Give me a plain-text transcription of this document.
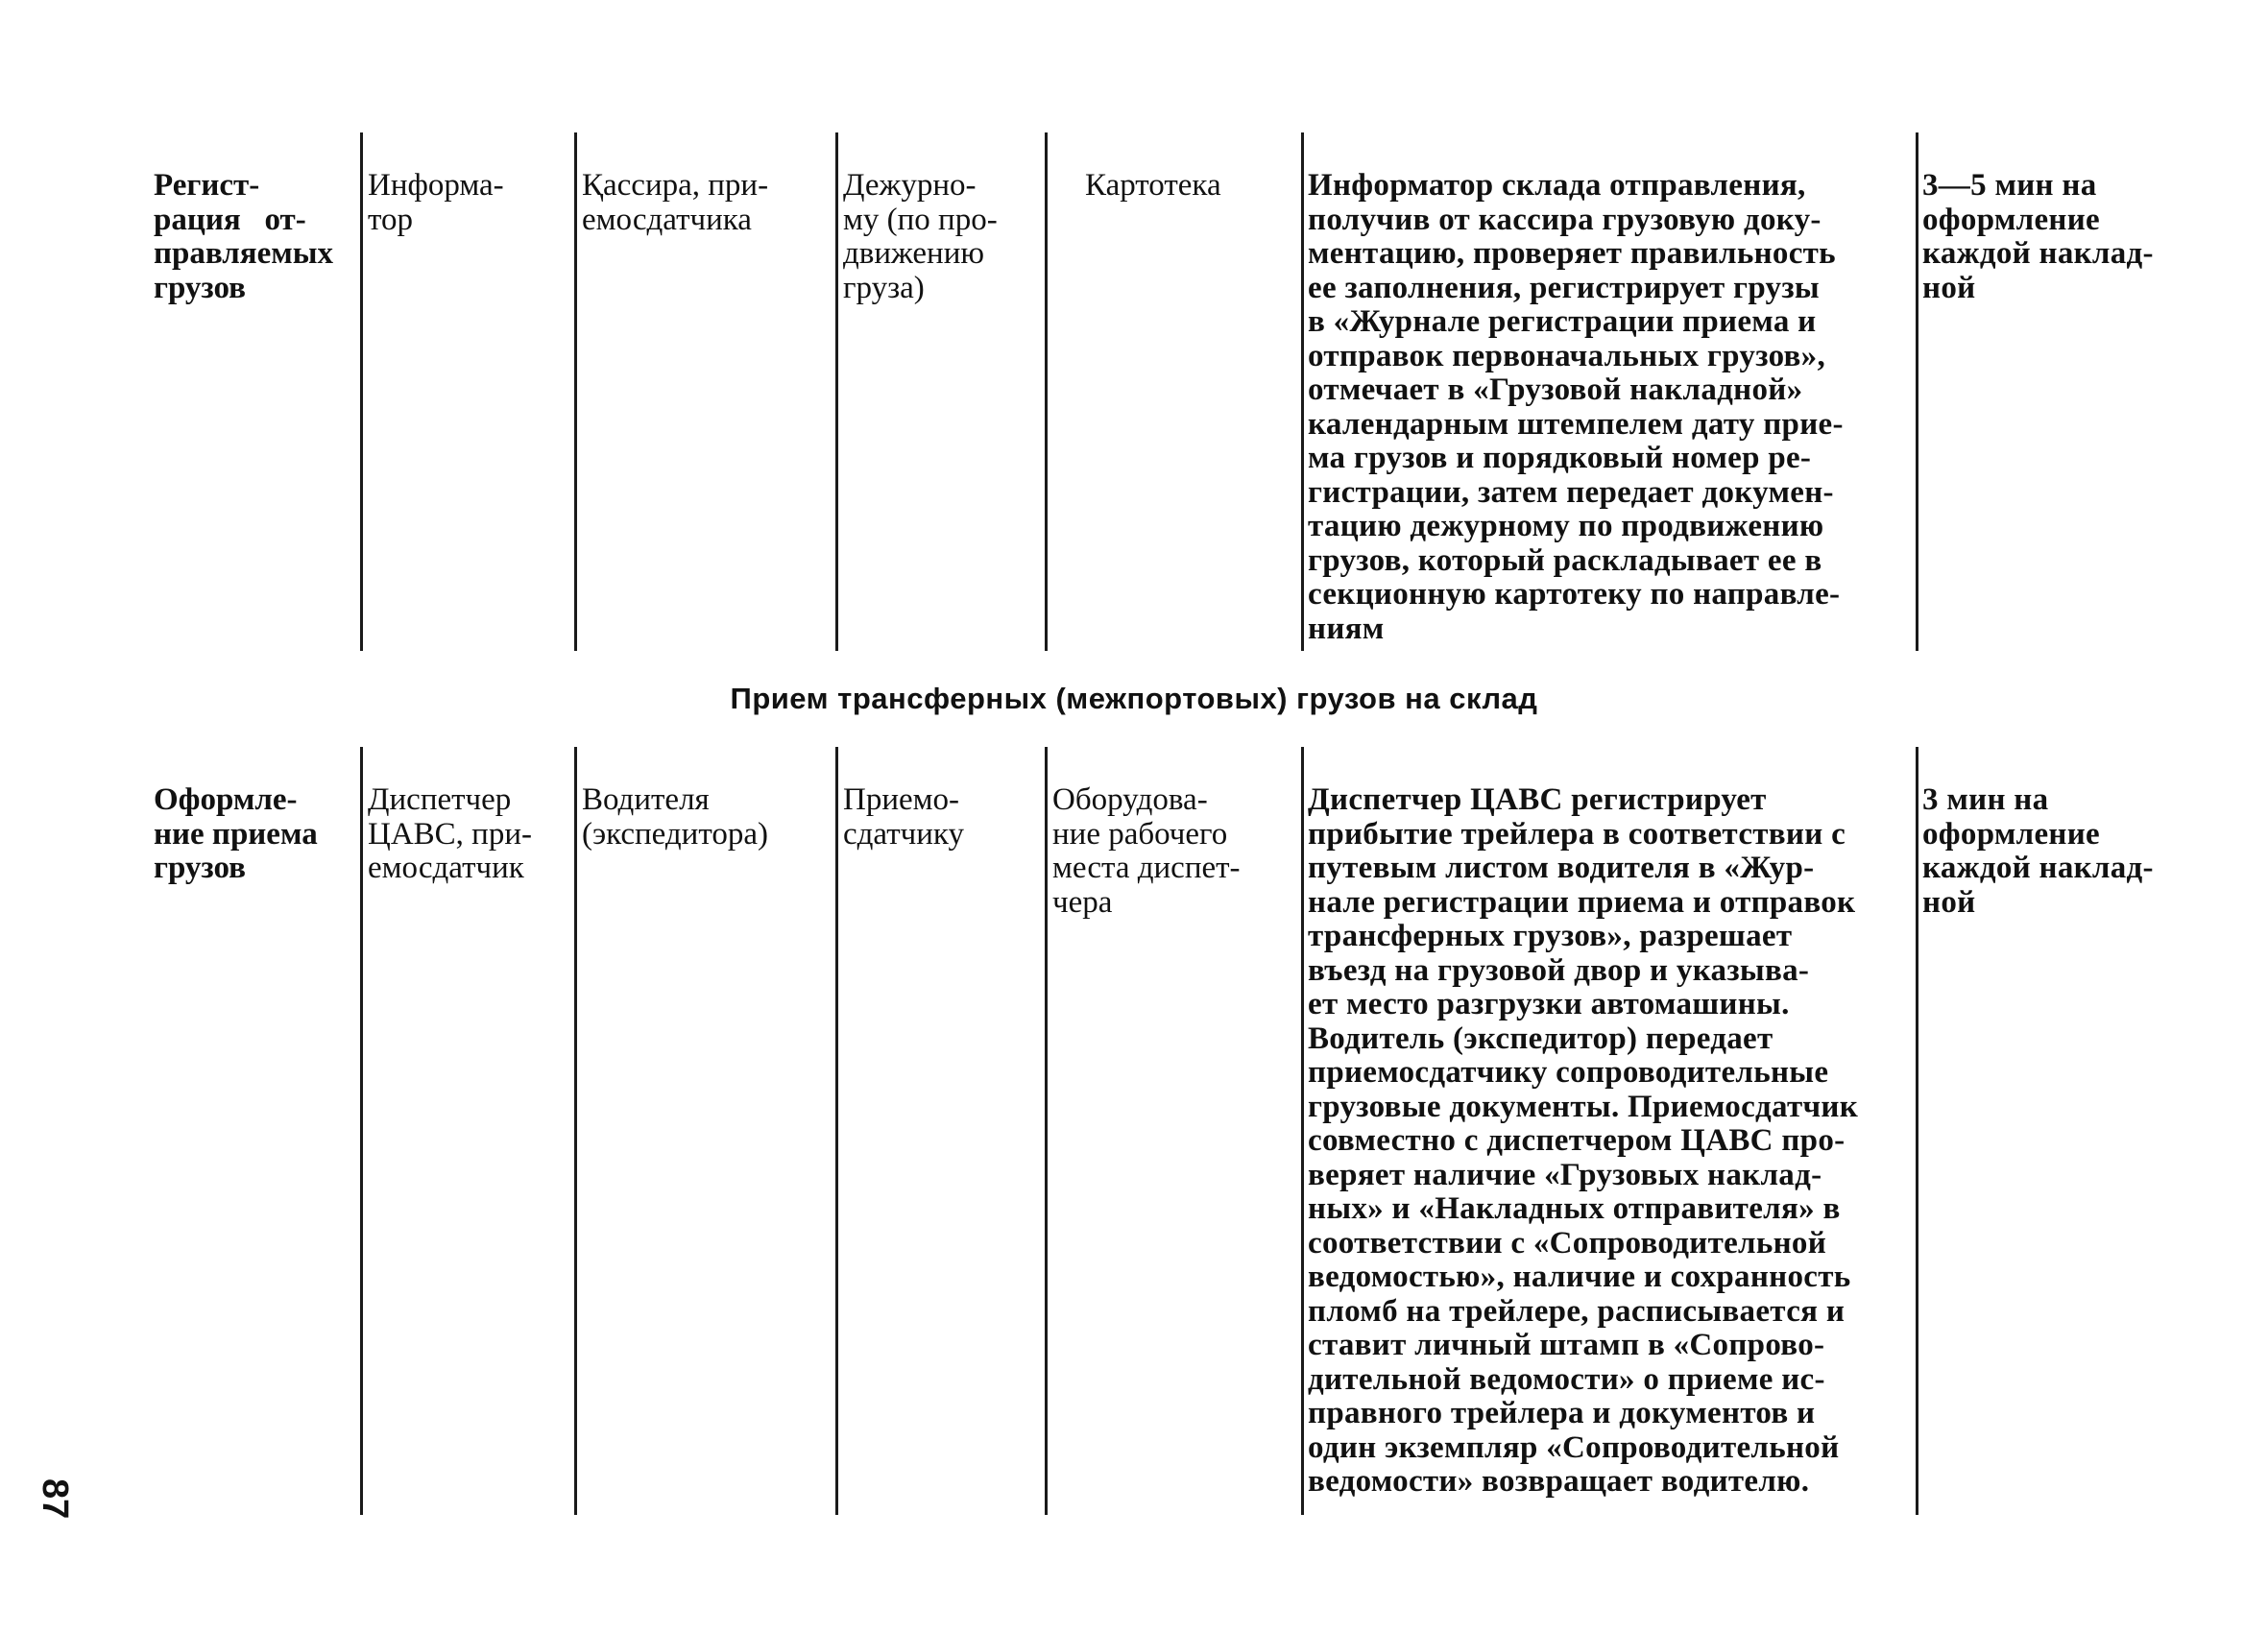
Регист-
рация   от-
правляемых
грузов
Информа-
тор
Қассира, при-
емосдатчика
Дежурно-
му (по про-
движению
груза)
Картотека	Информатор склада отправления,
получив от кассира грузовую доку-
ментацию, проверяет правильность
ее заполнения, регистрирует грузы
в «Журнале регистрации приема и
отправок первоначальных грузов»,
отмечает в «Грузовой накладной»
календарным штемпелем дату прие-
ма грузов и порядковый номер ре-
гистрации, затем передает докумен-
тацию дежурному по продвижению
грузов, который раскладывает ее в
секционную картотеку по направле-
ниям
3—5 мин на
оформление
каждой наклад-
ной
Прием трансферных (межпортовых) грузов на склад
Оформле-
ние приема
грузов
Диспетчер
ЦАВС, при-
емосдатчик
Водителя
(экспедитора)
Приемо-
сдатчику
Оборудова-
ние рабочего
места диспет-
чера
Диспетчер ЦАВС регистрирует
прибытие трейлера в соответствии с
путевым листом водителя в «Жур-
нале регистрации приема и отправок
трансферных грузов», разрешает
въезд на грузовой двор и указыва-
ет место разгрузки автомашины.
Водитель (экспедитор) передает
приемосдатчику сопроводительные
грузовые документы. Приемосдатчик
совместно с диспетчером ЦАВС про-
веряет наличие «Грузовых наклад-
ных» и «Накладных отправителя» в
соответствии с «Сопроводительной
ведомостью», наличие и сохранность
пломб на трейлере, расписывается и
ставит личный штамп в «Сопрово-
дительной ведомости» о приеме ис-
правного трейлера и документов и
один экземпляр «Сопроводительной
ведомости» возвращает водителю.
3 мин на
оформление
каждой наклад-
ной
87
